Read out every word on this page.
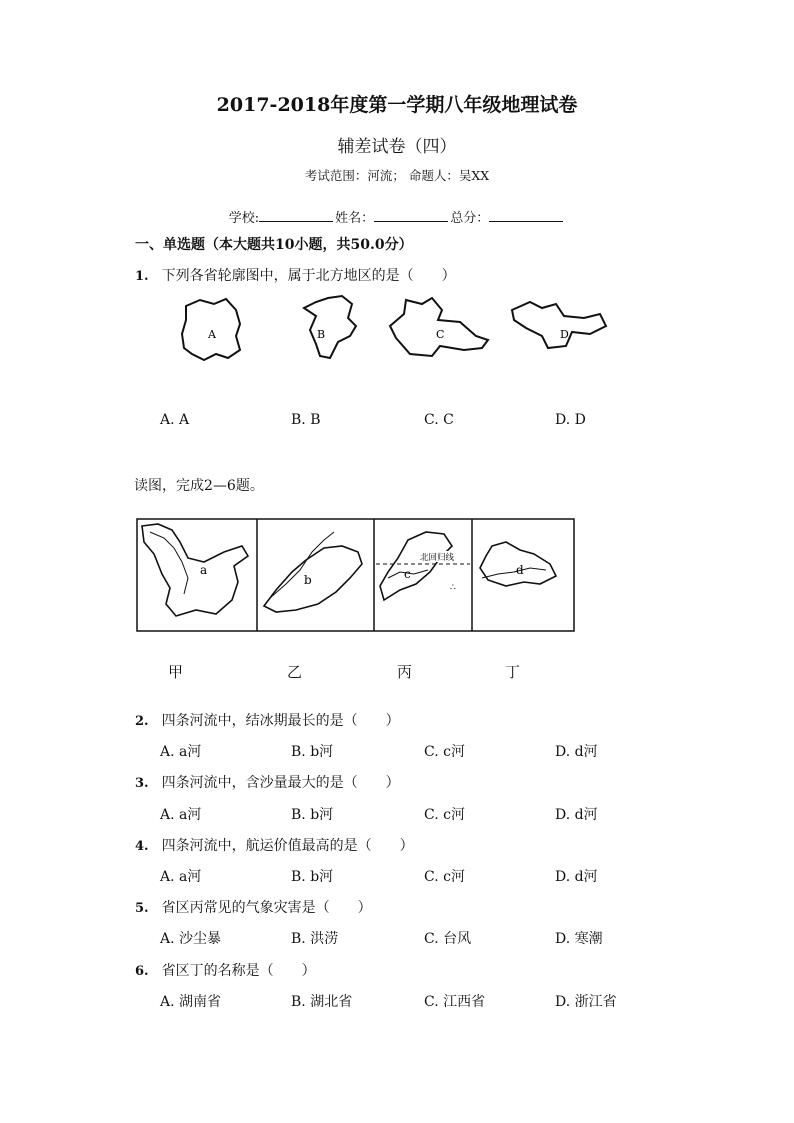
2017-2018年度第一学期八年级地理试卷
辅差试卷（四）
考试范围：河流； 命题人：吴XX
学校:	姓名：	总分：
一、单选题（本大题共10小题，共50.0分）
1. 下列各省轮廓图中，属于北方地区的是（　　）
A	B	C	D
A. A	B. B	C. C	D. D
读图，完成2—6题。
a
b
北回归线
c
∴
d
甲	乙	丙	丁
2. 四条河流中，结冰期最长的是（　　）
A. a河	B. b河	C. c河	D. d河
3. 四条河流中，含沙量最大的是（　　）
A. a河	B. b河	C. c河	D. d河
4. 四条河流中，航运价值最高的是（　　）
A. a河	B. b河	C. c河	D. d河
5. 省区丙常见的气象灾害是（　　）
A. 沙尘暴	B. 洪涝	C. 台风	D. 寒潮
6. 省区丁的名称是（　　）
A. 湖南省	B. 湖北省	C. 江西省	D. 浙江省
